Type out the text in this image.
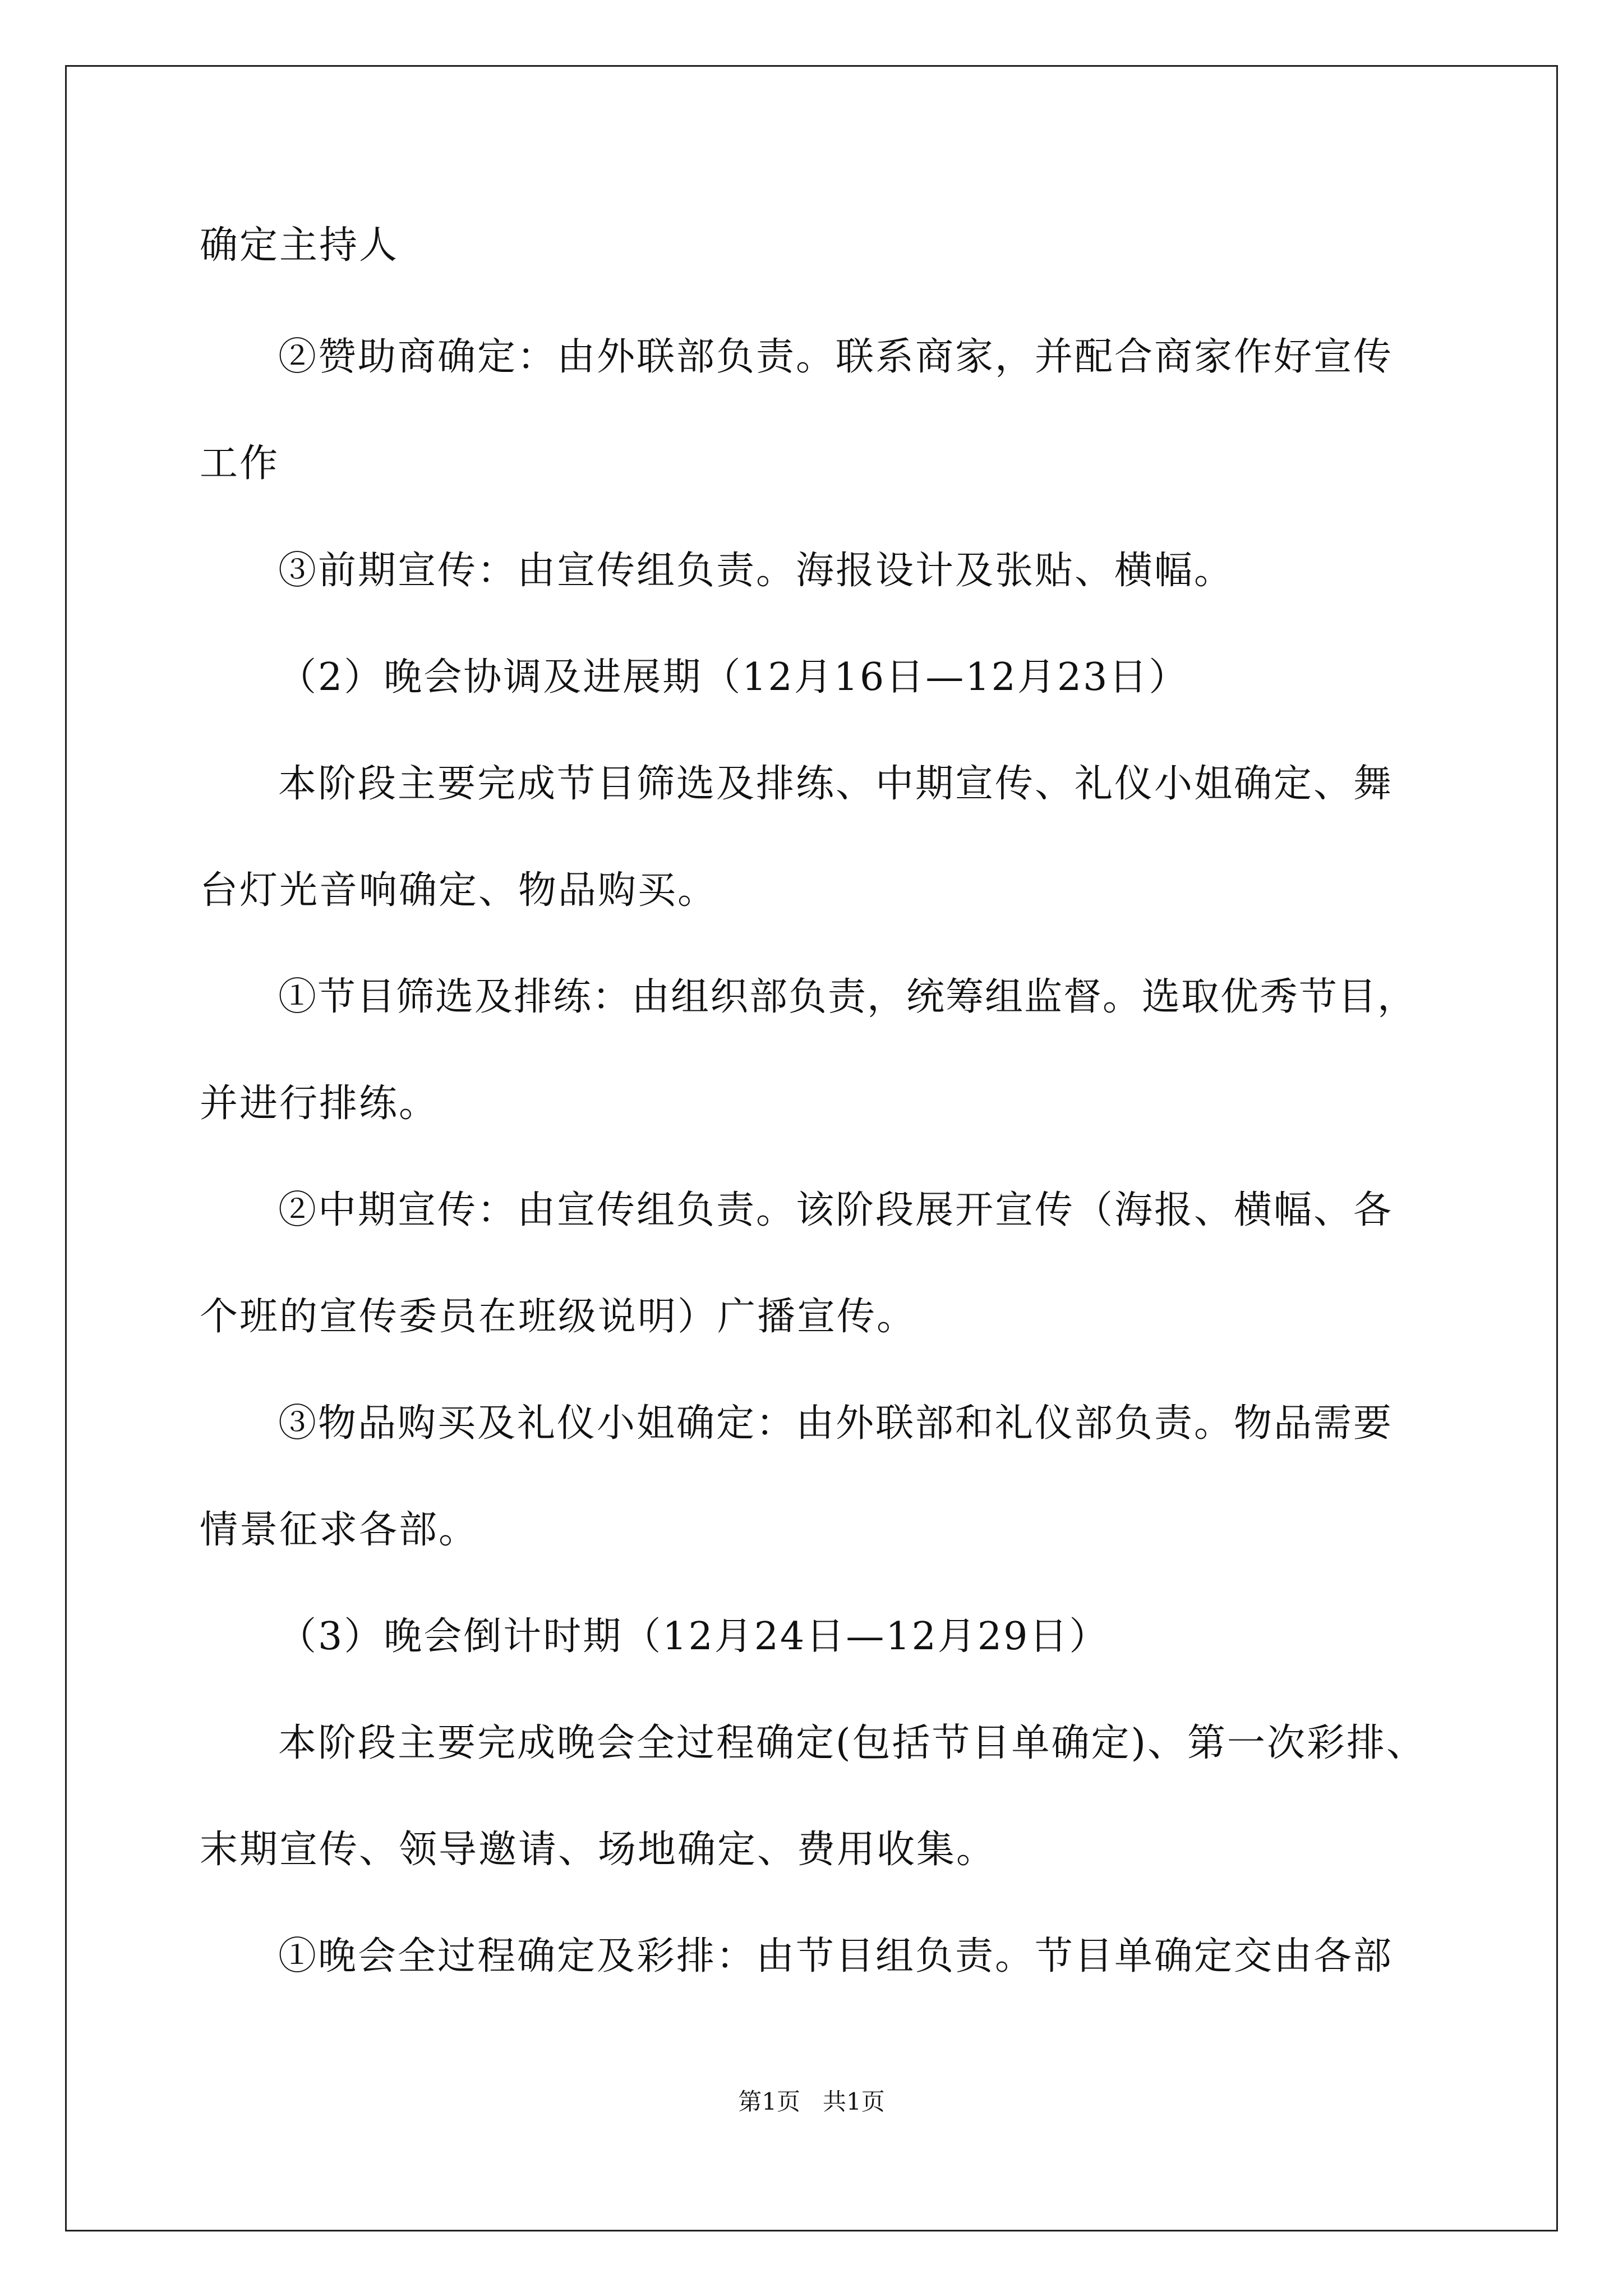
确定主持人
②赞助商确定：由外联部负责。联系商家，并配合商家作好宣传
工作
③前期宣传：由宣传组负责。海报设计及张贴、横幅。
（2）晚会协调及进展期（12月16日—12月23日）
本阶段主要完成节目筛选及排练、中期宣传、礼仪小姐确定、舞
台灯光音响确定、物品购买。
①节目筛选及排练：由组织部负责，统筹组监督。选取优秀节目，
并进行排练。
②中期宣传：由宣传组负责。该阶段展开宣传（海报、横幅、各
个班的宣传委员在班级说明）广播宣传。
③物品购买及礼仪小姐确定：由外联部和礼仪部负责。物品需要
情景征求各部。
（3）晚会倒计时期（12月24日—12月29日）
本阶段主要完成晚会全过程确定(包括节目单确定)、第一次彩排、
末期宣传、领导邀请、场地确定、费用收集。
①晚会全过程确定及彩排：由节目组负责。节目单确定交由各部
第1页   共1页
